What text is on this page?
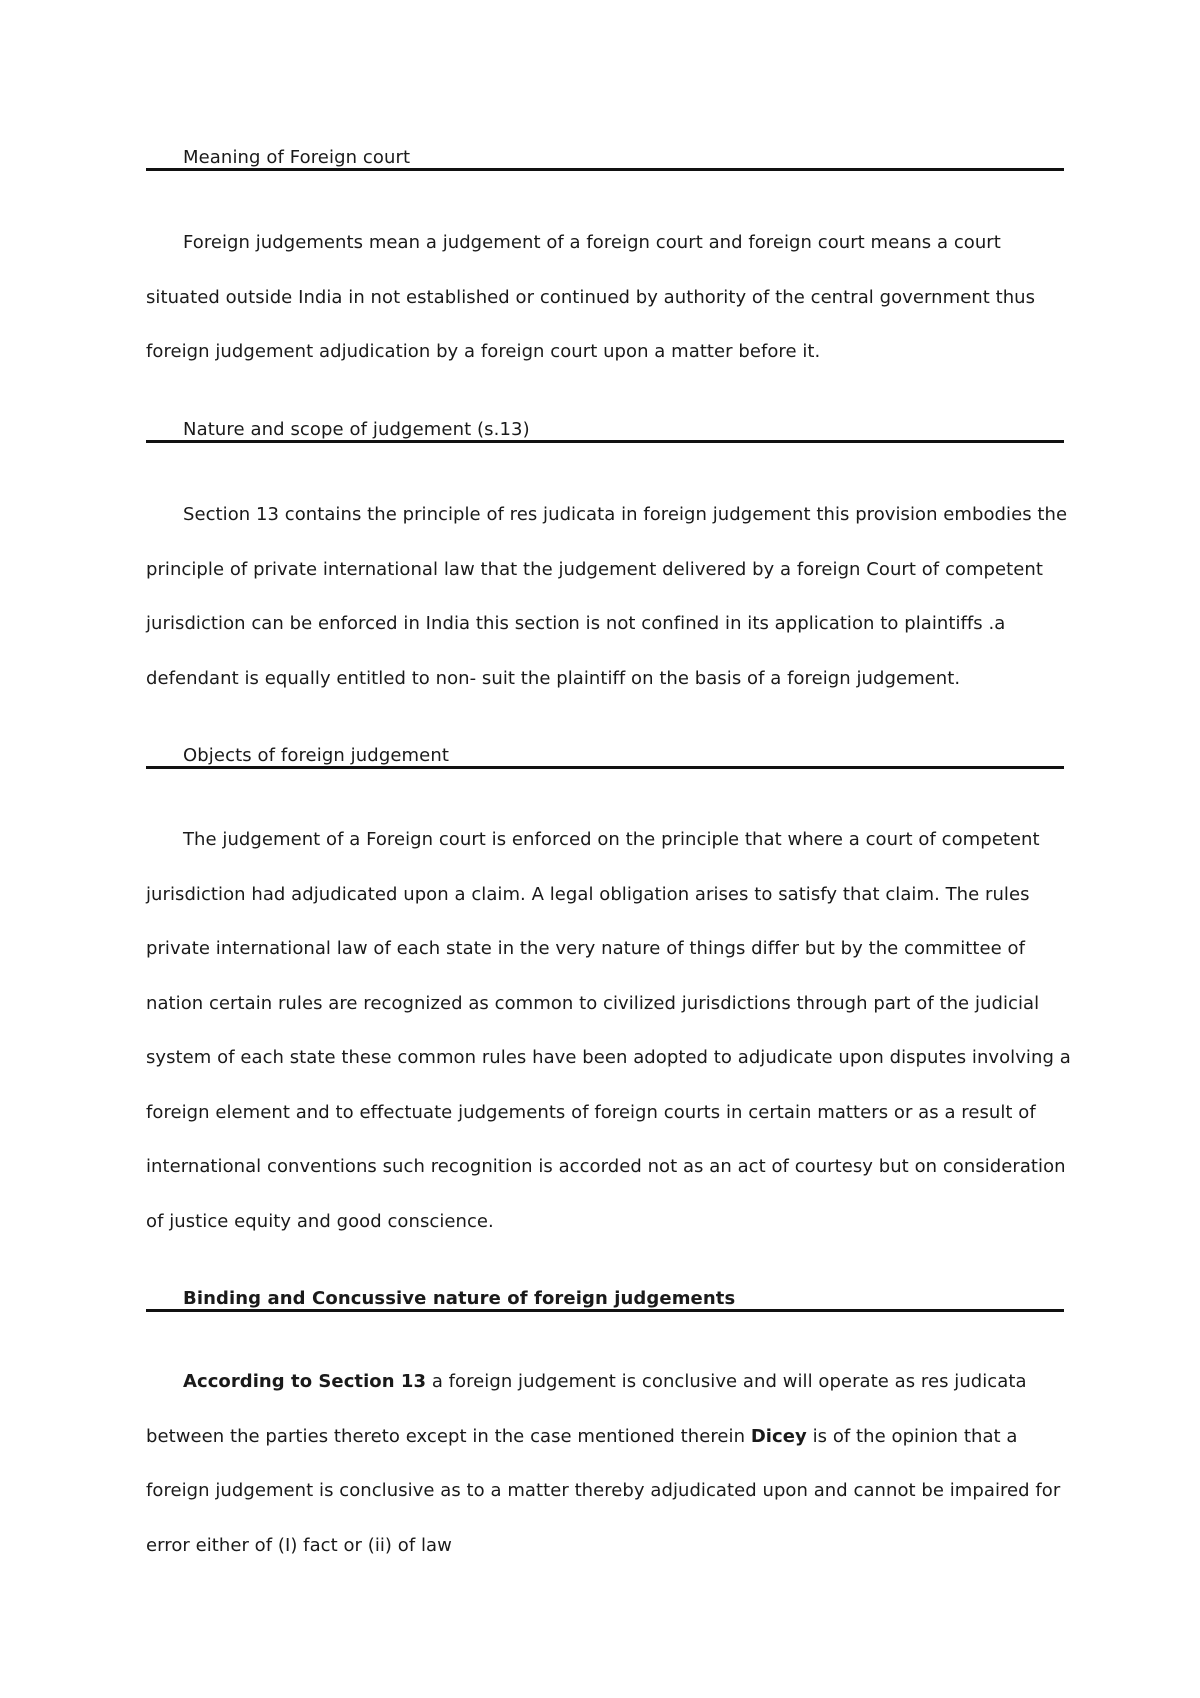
Meaning of Foreign court
Foreign judgements mean a judgement of a foreign court and foreign court means a court
situated outside India in not established or continued by authority of the central government thus
foreign judgement adjudication by a foreign court upon a matter before it.
Nature and scope of judgement (s.13)
Section 13 contains the principle of res judicata in foreign judgement this provision embodies the
principle of private international law that the judgement delivered by a foreign Court of competent
jurisdiction can be enforced in India this section is not confined in its application to plaintiffs .a
defendant is equally entitled to non- suit the plaintiff on the basis of a foreign judgement.
Objects of foreign judgement
The judgement of a Foreign court is enforced on the principle that where a court of competent
jurisdiction had adjudicated upon a claim. A legal obligation arises to satisfy that claim. The rules
private international law of each state in the very nature of things differ but by the committee of
nation certain rules are recognized as common to civilized jurisdictions through part of the judicial
system of each state these common rules have been adopted to adjudicate upon disputes involving a
foreign element and to effectuate judgements of foreign courts in certain matters or as a result of
international conventions such recognition is accorded not as an act of courtesy but on consideration
of justice equity and good conscience.
Binding and Concussive nature of foreign judgements
According to Section 13 a foreign judgement is conclusive and will operate as res judicata
between the parties thereto except in the case mentioned therein Dicey is of the opinion that a
foreign judgement is conclusive as to a matter thereby adjudicated upon and cannot be impaired for
error either of (I) fact or (ii) of law
